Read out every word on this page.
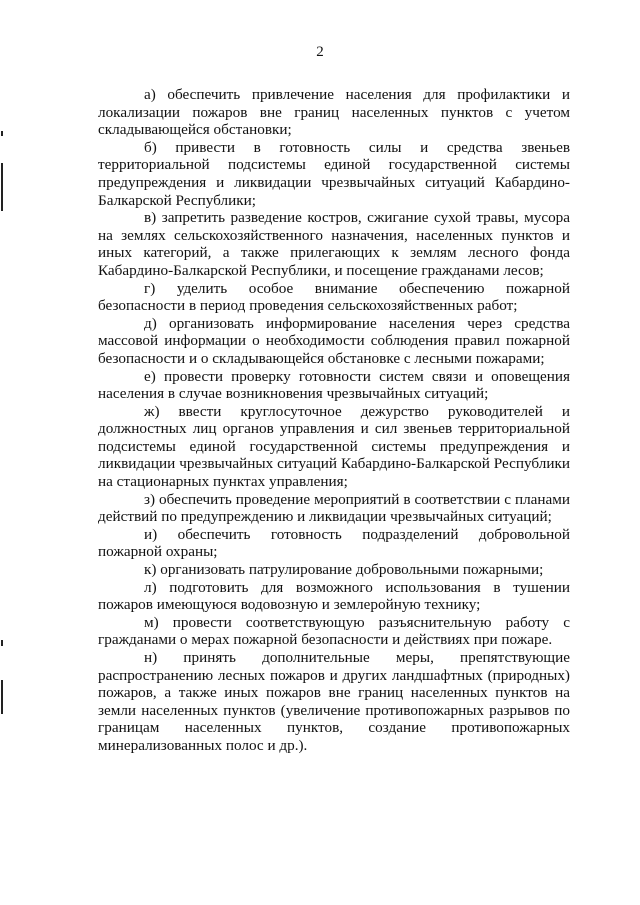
2

а) обеспечить привлечение населения для профилактики и локализации пожаров вне границ населенных пунктов с учетом складывающейся обстановки;

б) привести в готовность силы и средства звеньев территориальной подсистемы единой государственной системы предупреждения и ликвидации чрезвычайных ситуаций Кабардино-Балкарской Республики;

в) запретить разведение костров, сжигание сухой травы, мусора на землях сельскохозяйственного назначения, населенных пунктов и иных категорий, а также прилегающих к землям лесного фонда Кабардино-Балкарской Республики, и посещение гражданами лесов;

г) уделить особое внимание обеспечению пожарной безопасности в период проведения сельскохозяйственных работ;

д) организовать информирование населения через средства массовой информации о необходимости соблюдения правил пожарной безопасности и о складывающейся обстановке с лесными пожарами;

е) провести проверку готовности систем связи и оповещения населения в случае возникновения чрезвычайных ситуаций;

ж) ввести круглосуточное дежурство руководителей и должностных лиц органов управления и сил звеньев территориальной подсистемы единой государственной системы предупреждения и ликвидации чрезвычайных ситуаций Кабардино-Балкарской Республики на стационарных пунктах управления;

з) обеспечить проведение мероприятий в соответствии с планами действий по предупреждению и ликвидации чрезвычайных ситуаций;

и) обеспечить готовность подразделений добровольной пожарной охраны;

к) организовать патрулирование добровольными пожарными;

л) подготовить для возможного использования в тушении пожаров имеющуюся водовозную и землеройную технику;

м) провести соответствующую разъяснительную работу с гражданами о мерах пожарной безопасности и действиях при пожаре.

н) принять дополнительные меры, препятствующие распространению лесных пожаров и других ландшафтных (природных) пожаров, а также иных пожаров вне границ населенных пунктов на земли населенных пунктов (увеличение противопожарных разрывов по границам населенных пунктов, создание противопожарных минерализованных полос и др.).
